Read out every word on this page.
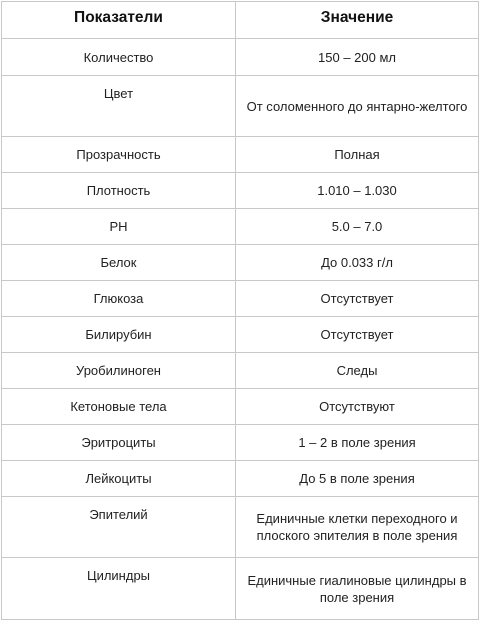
Показатели	Значение
Количество	150 – 200 мл
Цвет	От соломенного до янтарно-желтого
Прозрачность	Полная
Плотность	1.010 – 1.030
PH	5.0 – 7.0
Белок	До 0.033 г/л
Глюкоза	Отсутствует
Билирубин	Отсутствует
Уробилиноген	Следы
Кетоновые тела	Отсутствуют
Эритроциты	1 – 2 в поле зрения
Лейкоциты	До 5 в поле зрения
Эпителий	Единичные клетки переходного и плоского эпителия в поле зрения
Цилиндры	Единичные гиалиновые цилиндры в поле зрения
